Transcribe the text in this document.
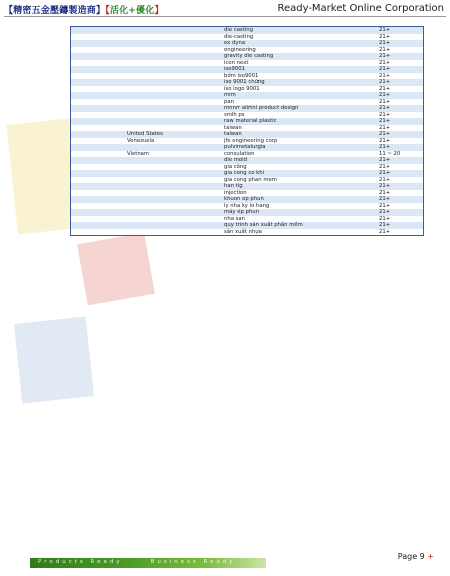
【精密五金壓鑄製造商】【活化+優化】	Ready-Market Online Corporation
die casting	21+
die-casting	21+
ex dyna	21+
engineering	21+
gravity die casting	21+
icon next	21+
iso9001	21+
bớm iso9001	21+
iso 9001 chứng	21+
iso logo 9001	21+
mim	21+
pan	21+
mnnrr alirtnl product design	21+
smlh ps	21+
raw material plastic	21+
taiwan	21+
United States	taiwan	21+
Venezuela	jfe engineering corp	21+
pulvimetalurgia	21+
Vietnam	consulation	11 ~ 20
die mold	21+
gia công	21+
gia cong co khi	21+
gia cong phan mem	21+
han tig	21+
injection	21+
khuon ep phun	21+
ly nha ky lo hang	21+
máy ép phun	21+
nha san	21+
quy trình sản xuất phần mềm	21+
sản xuất nhựa	21+
Page 9 +
Products Ready	Business Ready
